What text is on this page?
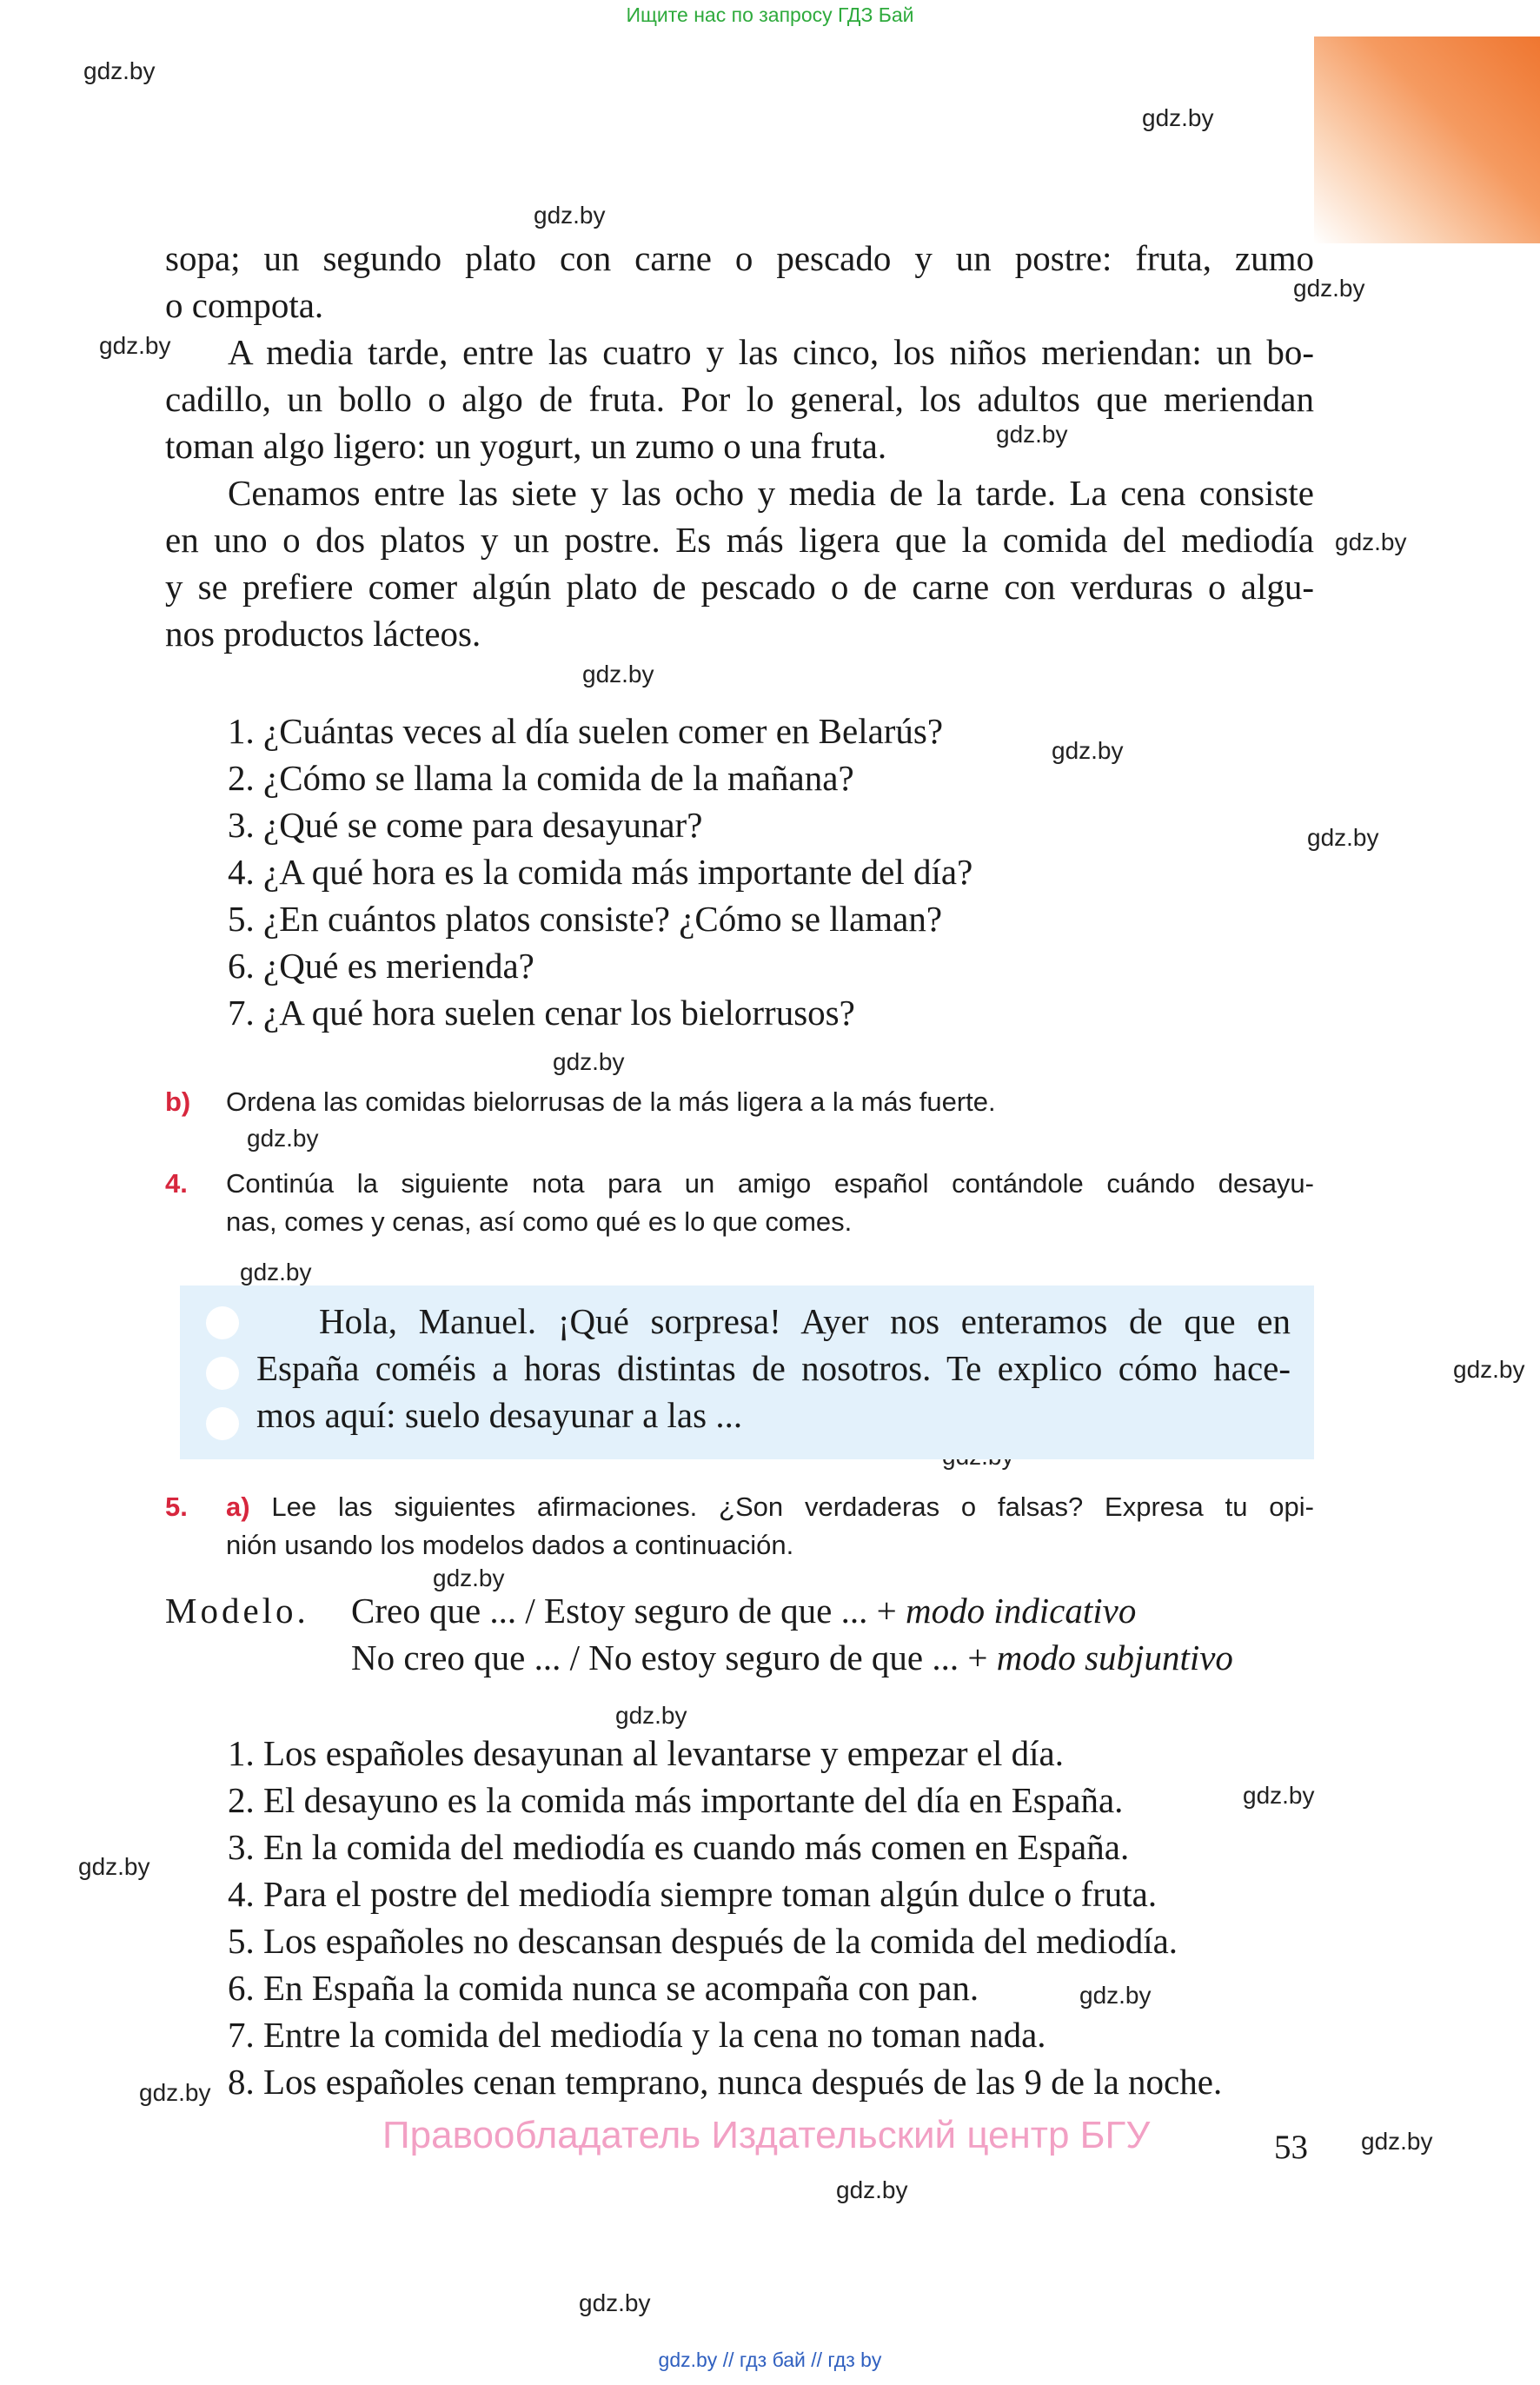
Ищите нас по запросу ГДЗ Бай
gdz.by
gdz.by
gdz.by
gdz.by
gdz.by
gdz.by
gdz.by
gdz.by
gdz.by
gdz.by
gdz.by
gdz.by
gdz.by
gdz.by
gdz.by
gdz.by
gdz.by
gdz.by
gdz.by
gdz.by
gdz.by
gdz.by
gdz.by
sopa; un segundo plato con carne o pescado y un postre: fruta, zumo
o compota.
A media tarde, entre las cuatro y las cinco, los niños meriendan: un bo-
cadillo, un bollo o algo de fruta. Por lo general, los adultos que meriendan
toman algo ligero: un yogurt, un zumo o una fruta.
Cenamos entre las siete y las ocho y media de la tarde. La cena consiste
en uno o dos platos y un postre. Es más ligera que la comida del mediodía
y se prefiere comer algún plato de pescado o de carne con verduras o algu-
nos productos lácteos.
1. ¿Cuántas veces al día suelen comer en Belarús?
2. ¿Cómo se llama la comida de la mañana?
3. ¿Qué se come para desayunar?
4. ¿A qué hora es la comida más importante del día?
5. ¿En cuántos platos consiste? ¿Cómo se llaman?
6. ¿Qué es merienda?
7. ¿A qué hora suelen cenar los bielorrusos?
b) Ordena las comidas bielorrusas de la más ligera a la más fuerte.
4. Continúa la siguiente nota para un amigo español contándole cuándo desayu-
nas, comes y cenas, así como qué es lo que comes.
Hola, Manuel. ¡Qué sorpresa! Ayer nos enteramos de que en
España coméis a horas distintas de nosotros. Te explico cómo hace-
mos aquí: suelo desayunar a las ...
5. a) Lee las siguientes afirmaciones. ¿Son verdaderas o falsas? Expresa tu opi-
nión usando los modelos dados a continuación.
Modelo. Creo que ... / Estoy seguro de que ... + modo indicativo
No creo que ... / No estoy seguro de que ... + modo subjuntivo
1. Los españoles desayunan al levantarse y empezar el día.
2. El desayuno es la comida más importante del día en España.
3. En la comida del mediodía es cuando más comen en España.
4. Para el postre del mediodía siempre toman algún dulce o fruta.
5. Los españoles no descansan después de la comida del mediodía.
6. En España la comida nunca se acompaña con pan.
7. Entre la comida del mediodía y la cena no toman nada.
8. Los españoles cenan temprano, nunca después de las 9 de la noche.
Правообладатель Издательский центр БГУ	53
gdz.by // гдз бай // гдз by
